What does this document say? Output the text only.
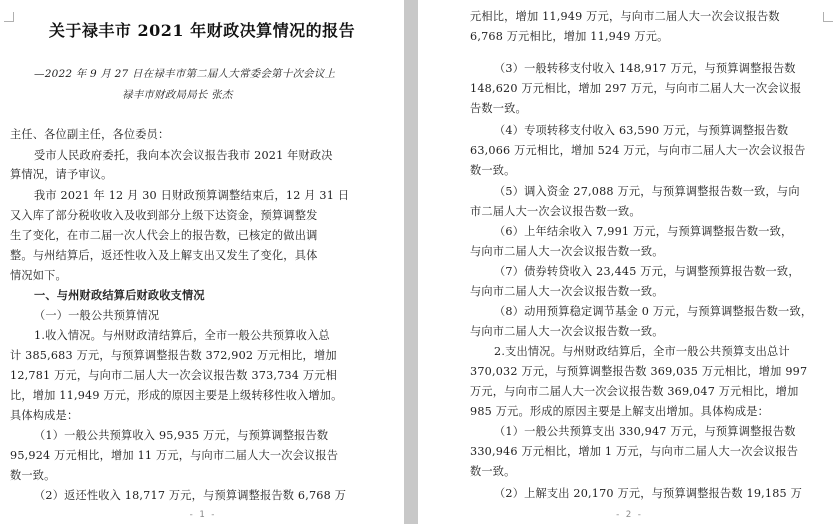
关于禄丰市 2021 年财政决算情况的报告
—2022 年 9 月 27 日在禄丰市第二届人大常委会第十次会议上
禄丰市财政局局长 张杰
主任、各位副主任，各位委员：
受市人民政府委托，我向本次会议报告我市 2021 年财政决
算情况，请予审议。
我市 2021 年 12 月 30 日财政预算调整结束后，12 月 31 日
又入库了部分税收收入及收到部分上级下达资金，预算调整发
生了变化，在市二届一次人代会上的报告数，已核定的做出调
整。与州结算后，返还性收入及上解支出又发生了变化，具体
情况如下。
一、与州财政结算后财政收支情况
（一）一般公共预算情况
1.收入情况。与州财政清结算后，全市一般公共预算收入总
计 385,683 万元，与预算调整报告数 372,902 万元相比，增加
12,781 万元，与向市二届人大一次会议报告数 373,734 万元相
比，增加 11,949 万元，形成的原因主要是上级转移性收入增加。
具体构成是：
（1）一般公共预算收入 95,935 万元，与预算调整报告数
95,924 万元相比，增加 11 万元，与向市二届人大一次会议报告
数一致。
（2）返还性收入 18,717 万元，与预算调整报告数 6,768 万
- 1 -
元相比，增加 11,949 万元，与向市二届人大一次会议报告数
6,768 万元相比，增加 11,949 万元。
（3）一般转移支付收入 148,917 万元，与预算调整报告数
148,620 万元相比，增加 297 万元，与向市二届人大一次会议报
告数一致。
（4）专项转移支付收入 63,590 万元，与预算调整报告数
63,066 万元相比，增加 524 万元，与向市二届人大一次会议报告
数一致。
（5）调入资金 27,088 万元，与预算调整报告数一致，与向
市二届人大一次会议报告数一致。
（6）上年结余收入 7,991 万元，与预算调整报告数一致，
与向市二届人大一次会议报告数一致。
（7）债券转贷收入 23,445 万元，与调整预算报告数一致，
与向市二届人大一次会议报告数一致。
（8）动用预算稳定调节基金 0 万元，与预算调整报告数一致，
与向市二届人大一次会议报告数一致。
2.支出情况。与州财政结算后，全市一般公共预算支出总计
370,032 万元，与预算调整报告数 369,035 万元相比，增加 997
万元，与向市二届人大一次会议报告数 369,047 万元相比，增加
985 万元。形成的原因主要是上解支出增加。具体构成是：
（1）一般公共预算支出 330,947 万元，与预算调整报告数
330,946 万元相比，增加 1 万元，与向市二届人大一次会议报告
数一致。
（2）上解支出 20,170 万元，与预算调整报告数 19,185 万
- 2 -
